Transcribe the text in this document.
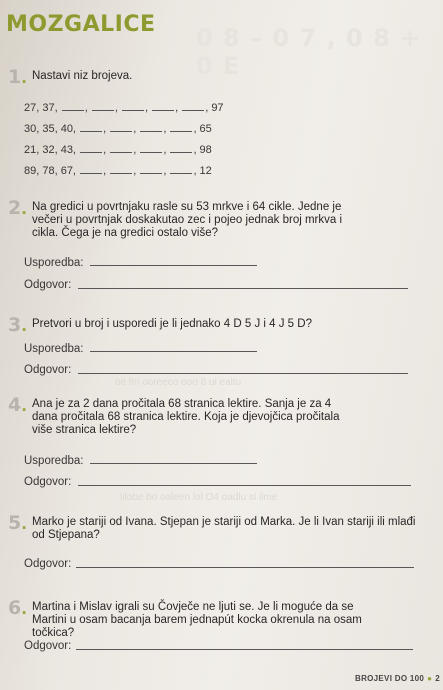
0 8 – 0 7 , 0 8 + 0 E
MOZGALICE
1. Nastavi niz brojeva.
27, 37, , , , , , 97
30, 35, 40, , , , , 65
21, 32, 43, , , , , 98
89, 78, 67, , , , , 12
2. Na gredici u povrtnjaku rasle su 53 mrkve i 64 cikle. Jedne je večeri u povrtnjak doskakutao zec i pojeo jednak broj mrkva i cikla. Čega je na gredici ostalo više?
Usporedba:
Odgovor:
3. Pretvori u broj i usporedi je li jednako 4 D 5 J i 4 J 5 D?
Usporedba:
Odgovor:
be ltri ooreeco ooo 8 ui ealtu
4. Ana je za 2 dana pročitala 68 stranica lektire. Sanja je za 4 dana pročitala 68 stranica lektire. Koja je djevojčica pročitala više stranica lektire?
Usporedba:
Odgovor:
lilobe bo oaleen lol O4 oadlu sl ilme
5. Marko je stariji od Ivana. Stjepan je stariji od Marka. Je li Ivan stariji ili mlađi od Stjepana?
Odgovor:
6. Martina i Mislav igrali su Čovječe ne ljuti se. Je li moguće da se Martini u osam bacanja barem jednapút kocka okrenula na osam točkica?
Odgovor:
BROJEVI DO 100 ● 2
